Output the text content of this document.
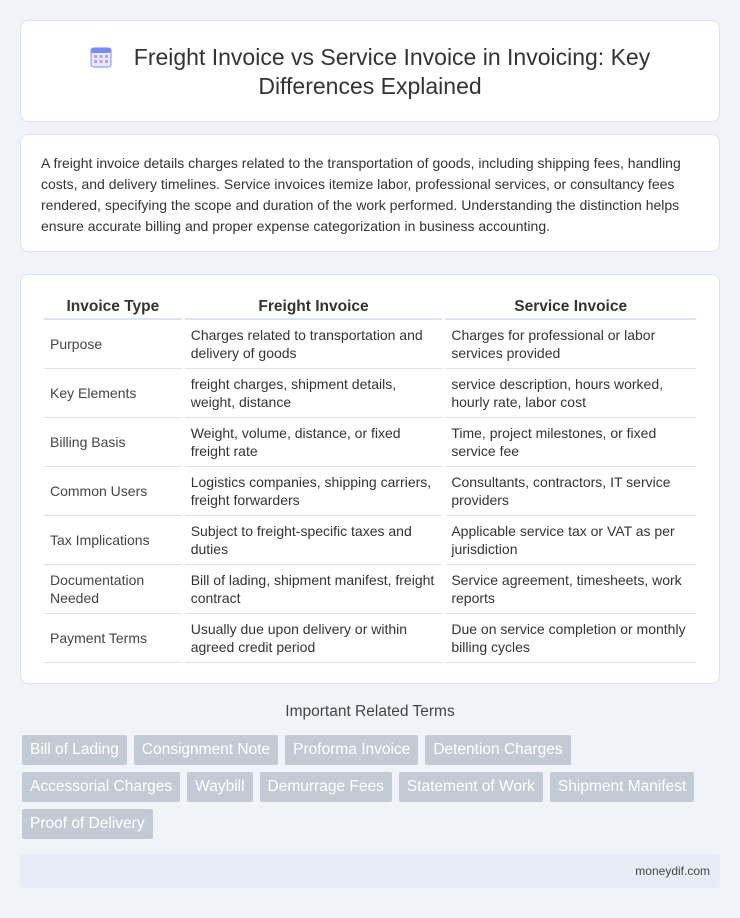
Freight Invoice vs Service Invoice in Invoicing: Key Differences Explained

A freight invoice details charges related to the transportation of goods, including shipping fees, handling costs, and delivery timelines. Service invoices itemize labor, professional services, or consultancy fees rendered, specifying the scope and duration of the work performed. Understanding the distinction helps ensure accurate billing and proper expense categorization in business accounting.

Invoice Type	Freight Invoice	Service Invoice
Purpose	Charges related to transportation and delivery of goods	Charges for professional or labor services provided
Key Elements	freight charges, shipment details, weight, distance	service description, hours worked, hourly rate, labor cost
Billing Basis	Weight, volume, distance, or fixed freight rate	Time, project milestones, or fixed service fee
Common Users	Logistics companies, shipping carriers, freight forwarders	Consultants, contractors, IT service providers
Tax Implications	Subject to freight-specific taxes and duties	Applicable service tax or VAT as per jurisdiction
Documentation Needed	Bill of lading, shipment manifest, freight contract	Service agreement, timesheets, work reports
Payment Terms	Usually due upon delivery or within agreed credit period	Due on service completion or monthly billing cycles
Important Related Terms
Bill of Lading	Consignment Note	Proforma Invoice	Detention Charges
Accessorial Charges	Waybill	Demurrage Fees	Statement of Work	Shipment Manifest
Proof of Delivery
moneydif.com
